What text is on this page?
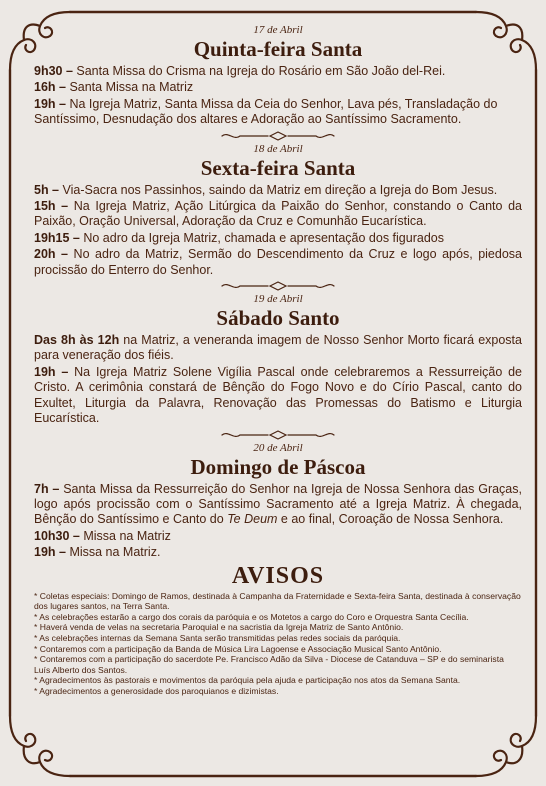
17 de Abril
Quinta-feira Santa
9h30 – Santa Missa do Crisma na Igreja do Rosário em São João del-Rei.
16h – Santa Missa na Matriz
19h – Na Igreja Matriz, Santa Missa da Ceia do Senhor, Lava pés, Transladação do Santíssimo, Desnudação dos altares e Adoração ao Santíssimo Sacramento.
18 de Abril
Sexta-feira Santa
5h – Via-Sacra nos Passinhos, saindo da Matriz em direção a Igreja do Bom Jesus.
15h – Na Igreja Matriz, Ação Litúrgica da Paixão do Senhor, constando o Canto da Paixão, Oração Universal, Adoração da Cruz e Comunhão Eucarística.
19h15 – No adro da Igreja Matriz, chamada e apresentação dos figurados
20h – No adro da Matriz, Sermão do Descendimento da Cruz e logo após, piedosa procissão do Enterro do Senhor.
19 de Abril
Sábado Santo
Das 8h às 12h na Matriz, a veneranda imagem de Nosso Senhor Morto ficará exposta para veneração dos fiéis.
19h – Na Igreja Matriz Solene Vigília Pascal onde celebraremos a Ressurreição de Cristo. A cerimônia constará de Bênção do Fogo Novo e do Círio Pascal, canto do Exultet, Liturgia da Palavra, Renovação das Promessas do Batismo e Liturgia Eucarística.
20 de Abril
Domingo de Páscoa
7h – Santa Missa da Ressurreição do Senhor na Igreja de Nossa Senhora das Graças, logo após procissão com o Santíssimo Sacramento até a Igreja Matriz. À chegada, Bênção do Santíssimo e Canto do Te Deum e ao final, Coroação de Nossa Senhora.
10h30 – Missa na Matriz
19h – Missa na Matriz.
AVISOS

* Coletas especiais: Domingo de Ramos, destinada à Campanha da Fraternidade e Sexta-feira Santa, destinada à conservação dos lugares santos, na Terra Santa.

* As celebrações estarão a cargo dos corais da paróquia e os Motetos a cargo do Coro e Orquestra Santa Cecília.

* Haverá venda de velas na secretaria Paroquial e na sacristia da Igreja Matriz de Santo Antônio.

* As celebrações internas da Semana Santa serão transmitidas pelas redes sociais da paróquia.

* Contaremos com a participação da Banda de Música Lira Lagoense e Associação Musical Santo Antônio.

* Contaremos com a participação do sacerdote Pe. Francisco Adão da Silva - Diocese de Catanduva – SP e do seminarista Luís Alberto dos Santos.

* Agradecimentos às pastorais e movimentos da paróquia pela ajuda e participação nos atos da Semana Santa.

* Agradecimentos a generosidade dos paroquianos e dizimistas.
